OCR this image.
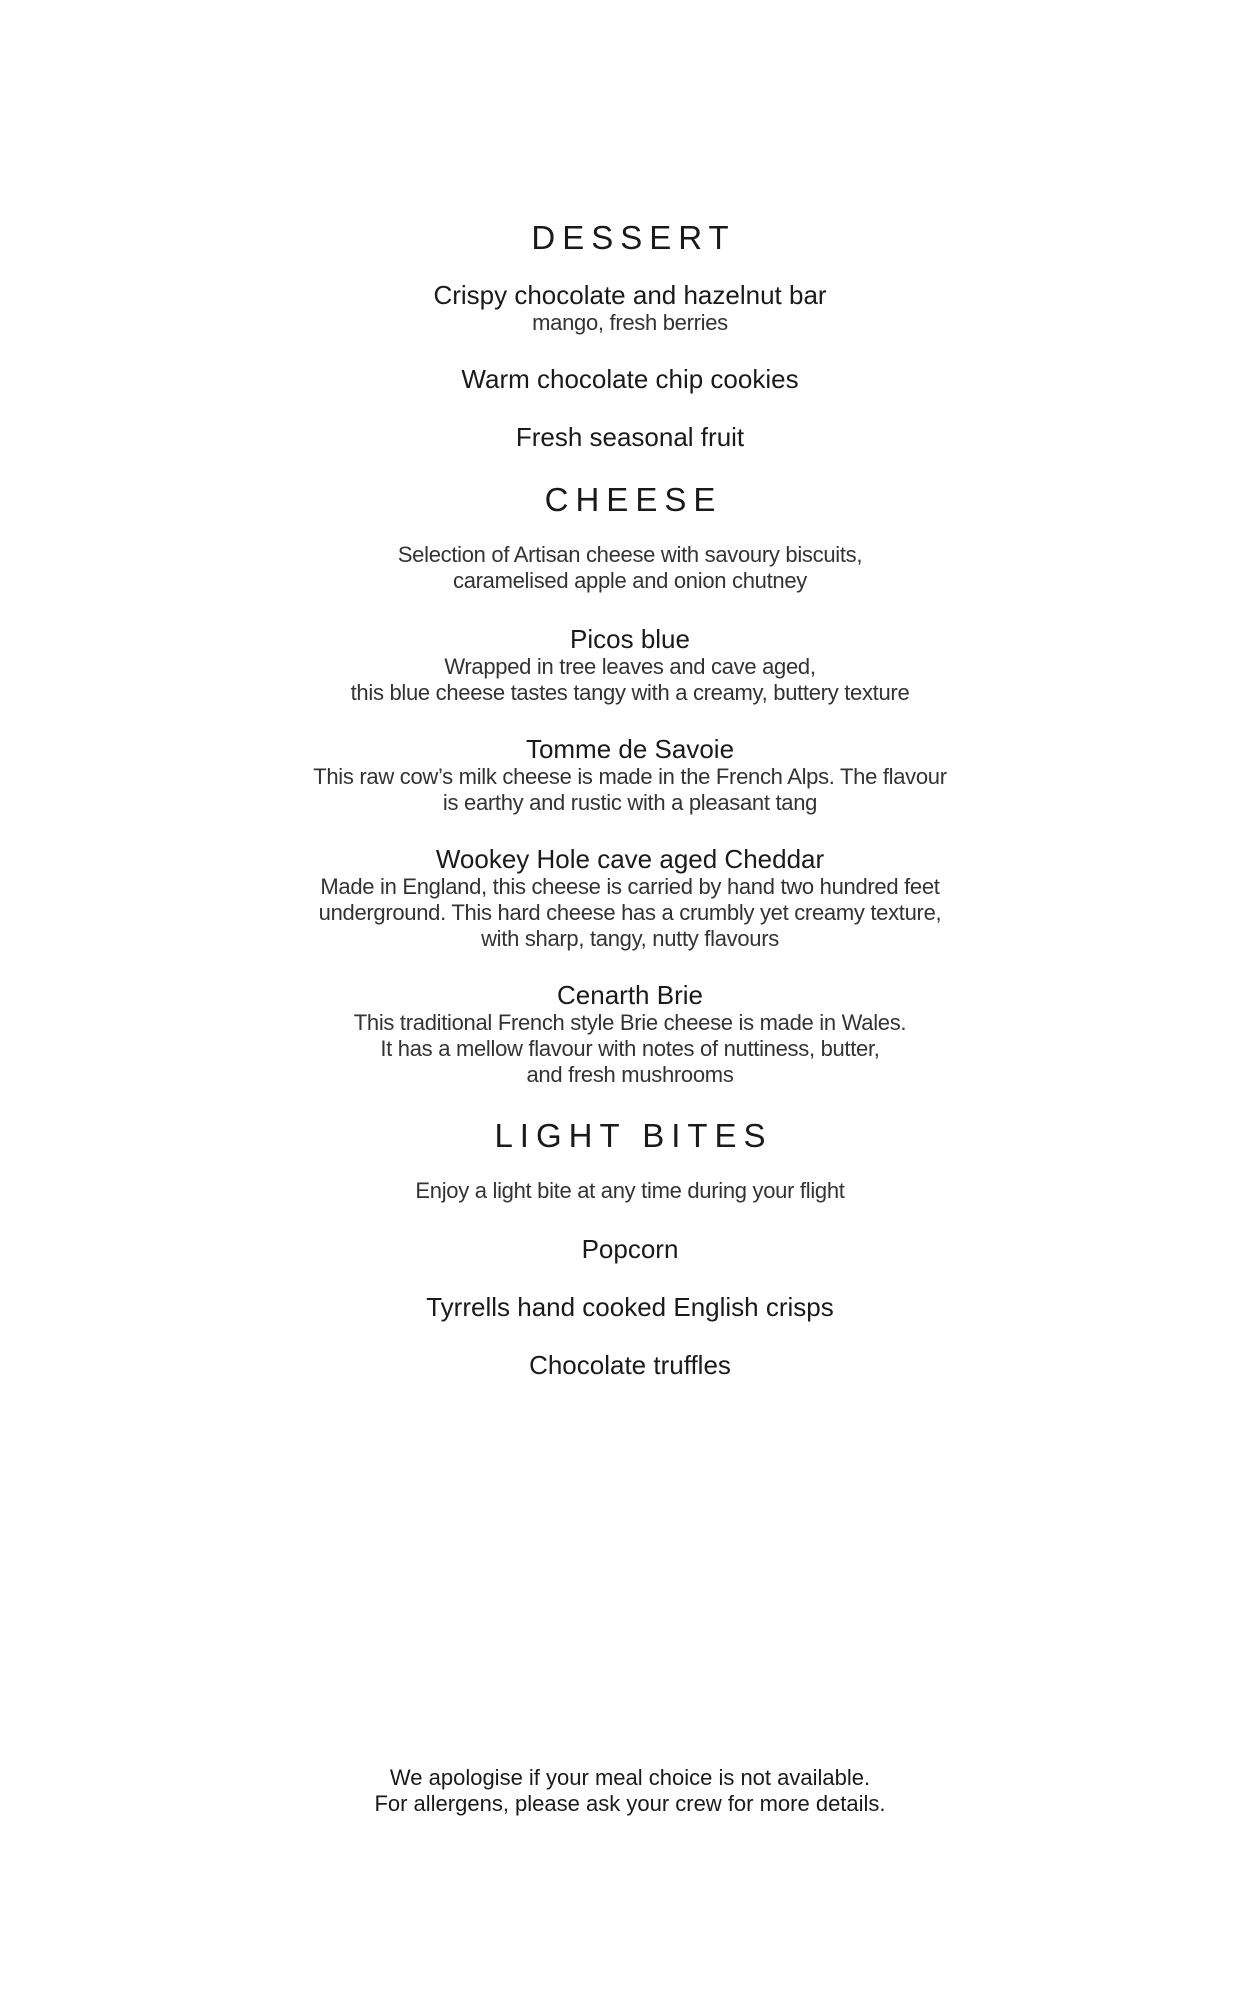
DESSERT
Crispy chocolate and hazelnut bar
mango, fresh berries
Warm chocolate chip cookies
Fresh seasonal fruit
CHEESE
Selection of Artisan cheese with savoury biscuits,
caramelised apple and onion chutney
Picos blue
Wrapped in tree leaves and cave aged,
this blue cheese tastes tangy with a creamy, buttery texture
Tomme de Savoie
This raw cow’s milk cheese is made in the French Alps. The flavour
is earthy and rustic with a pleasant tang
Wookey Hole cave aged Cheddar
Made in England, this cheese is carried by hand two hundred feet
underground. This hard cheese has a crumbly yet creamy texture,
with sharp, tangy, nutty flavours
Cenarth Brie
This traditional French style Brie cheese is made in Wales.
It has a mellow flavour with notes of nuttiness, butter,
and fresh mushrooms
LIGHT BITES
Enjoy a light bite at any time during your flight
Popcorn
Tyrrells hand cooked English crisps
Chocolate truffles
We apologise if your meal choice is not available.
For allergens, please ask your crew for more details.
